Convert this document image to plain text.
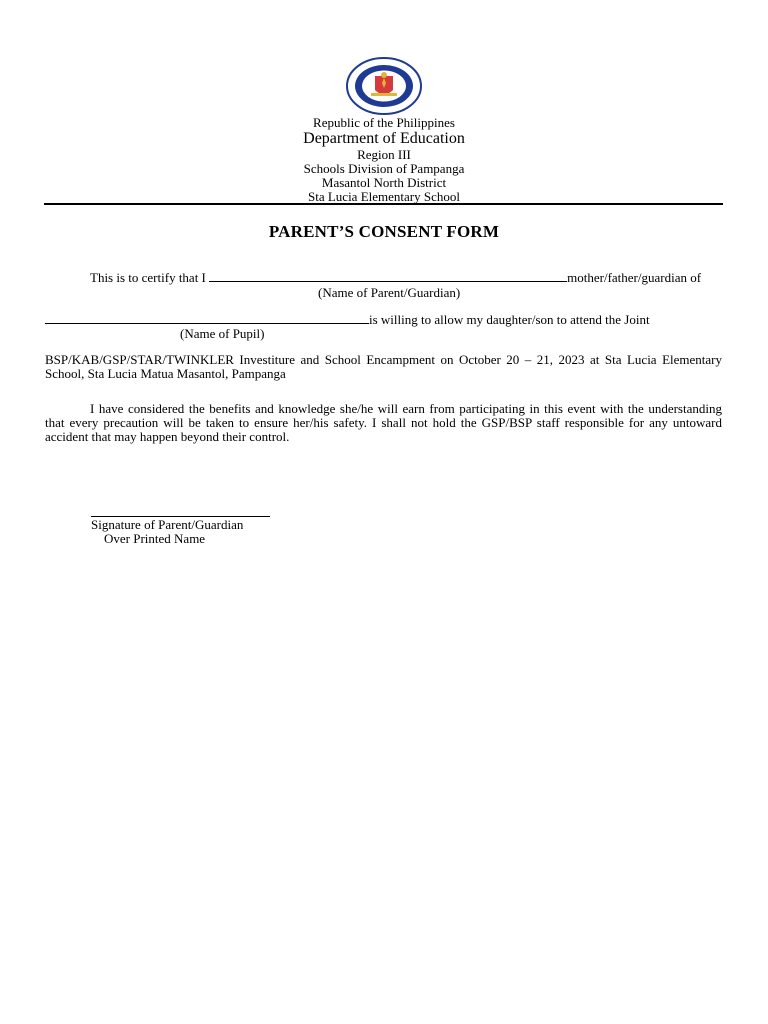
Republic of the Philippines
Department of Education
Region III
Schools Division of Pampanga
Masantol North District
Sta Lucia Elementary School
PARENT’S CONSENT FORM
This is to certify that I	mother/father/guardian of
(Name of Parent/Guardian)
is willing to allow my daughter/son to attend the Joint
(Name of Pupil)
BSP/KAB/GSP/STAR/TWINKLER Investiture and School Encampment on October 20 – 21, 2023 at Sta Lucia Elementary School, Sta Lucia Matua Masantol, Pampanga
I have considered the benefits and knowledge she/he will earn from participating in this event with the understanding that every precaution will be taken to ensure her/his safety. I shall not hold the GSP/BSP staff responsible for any untoward accident that may happen beyond their control.
Signature of Parent/Guardian
Over Printed Name
